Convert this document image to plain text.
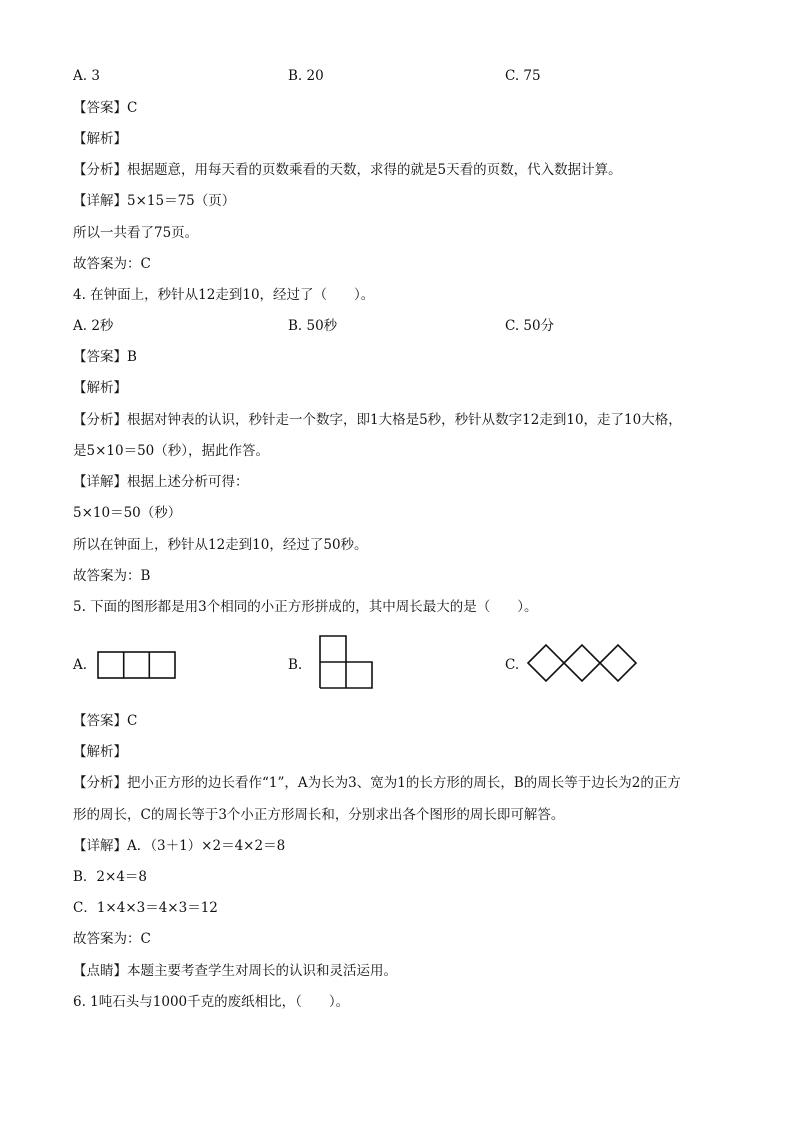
A. 3	B. 20	C. 75
【答案】C
【解析】
【分析】根据题意，用每天看的页数乘看的天数，求得的就是5天看的页数，代入数据计算。
【详解】5×15＝75（页）
所以一共看了75页。
故答案为：C
4. 在钟面上，秒针从12走到10，经过了（　　）。
A. 2秒	B. 50秒	C. 50分
【答案】B
【解析】
【分析】根据对钟表的认识，秒针走一个数字，即1大格是5秒，秒针从数字12走到10，走了10大格，
是5×10＝50（秒），据此作答。
【详解】根据上述分析可得：
5×10＝50（秒）
所以在钟面上，秒针从12走到10，经过了50秒。
故答案为：B
5. 下面的图形都是用3个相同的小正方形拼成的，其中周长最大的是（　　）。
A.	B.	C.
【答案】C
【解析】
【分析】把小正方形的边长看作“1”，A为长为3、宽为1的长方形的周长，B的周长等于边长为2的正方
形的周长，C的周长等于3个小正方形周长和，分别求出各个图形的周长即可解答。
【详解】A．（3＋1）×2＝4×2＝8
B．2×4＝8
C．1×4×3＝4×3＝12
故答案为：C
【点睛】本题主要考查学生对周长的认识和灵活运用。
6. 1吨石头与1000千克的废纸相比，（　　）。
